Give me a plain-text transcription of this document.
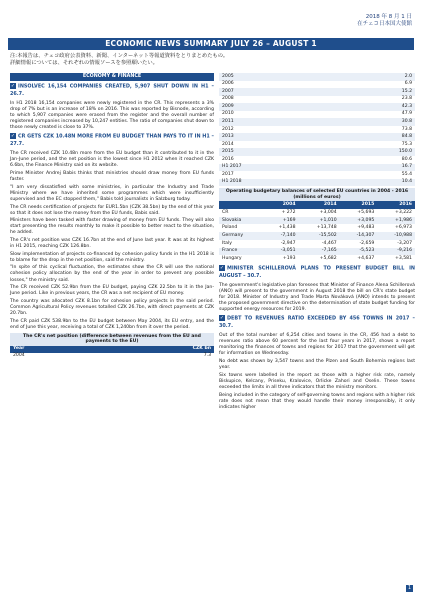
2018 年 8 月 1 日
在チェコ日本国大使館
ECONOMIC NEWS SUMMARY JULY 26 – AUGUST 1
注:本報告は、チェコ政府公表資料、新聞、インターネット等報道資料をとりまとめたもの。詳細情報については、それぞれの情報ソースを参照願いたい。
ECONOMY & FINANCE
✓ INSOLVEC 16,154 COMPANIES CREATED, 5,907 SHUT DOWN IN H1 – 26.7.

In H1 2018 16,154 companies were newly registered in the CR. This represents a 3% drop of 7% but is an increase of 18% on 2016. This was reported by Bisnode, according to which 5,907 companies were erased from the register and the overall number of registered companies increased by 10,247 entities. The ratio of companies shut down to those newly created is close to 37%.

✓ CR GETS CZK 10.48N MORE FROM EU BUDGET THAN PAYS TO IT IN H1 – 27.7.

The CR received CZK 10.48n more from the EU budget than it contributed to it in the Jan-June period, and the net position is the lowest since H1 2012 when it reached CZK 6.6bn, the Finance Ministry said on its website.

Prime Minister Andrej Babis thinks that ministries should draw money from EU funds faster.

"I am very dissatisfied with some ministries, in particular the Industry and Trade Ministry where we have inherited some programmes which were insufficiently supervised and the EC stopped them," Babis told journalists in Salzburg today.

The CR needs certification of projects for EUR1.5bn (CZK 38.5bn) by the end of this year so that it does not lose the money from the EU funds, Babis said.

Ministers have been tasked with faster drawing of money from EU funds. They will also start presenting the results monthly to make it possible to better react to the situation, he added.

The CR's net position was CZK 16.7bn at the end of June last year. It was at its highest in H1 2015, reaching CZK 126.8bn.

Slow implementation of projects co-financed by cohesion policy funds in the H1 2018 is to blame for the drop in the net position, said the ministry.

"In spite of this cyclical fluctuation, the estimates show the CR will use the national cohesion policy allocation by the end of the year in order to prevent any possible losses," the ministry said.

The CR received CZK 52.9bn from the EU budget, paying CZK 22.5bn to it in the Jan-June period. Like in previous years, the CR was a net recipient of EU money.

The country was allocated CZK 8.1bn for cohesion policy projects in the said period. Common Agricultural Policy revenues totalled CZK 26.7bn, with direct payments at CZK 20.7bn.

The CR paid CZK 538.9bn to the EU budget between May 2004, its EU entry, and the end of June this year, receiving a total of CZK 1,240bn from it over the period.

The CR's net position (difference between revenues from the EU and payments to the EU)
Year	CZK bn
2004	7.3
2005	2.0
2006	6.9
2007	15.2
2008	23.8
2009	42.3
2010	47.9
2011	30.8
2012	73.8
2013	84.8
2014	75.3
2015	150.0
2016	80.6
H1 2017	16.7
2017	55.4
H1 2018	10.4
Operating budgetary balances of selected EU countries in 2004 - 2016 (millions of euros)
	2004	2014	2015	2016
CR	+ 272	+3,004	+5,693	+3,222
Slovakia	+169	+1,010	+3,095	+1,986
Poland	+1,438	+13,748	+9,483	+6,973
Germany	-7,140	-15,502	-14,307	-10,988
Italy	-2,947	-4,467	-2,659	-3,207
France	-3,051	-7,165	-5,523	-9,216
Hungary	+193	+5,682	+4,637	+3,581
✓ MINISTER SCHILLEROVÁ PLANS TO PRESENT BUDGET BILL IN AUGUST – 30.7.

The government's legislative plan foresees that Minister of Finance Alena Schillerová (ANO) will present to the government in August 2018 the bill on CR's state budget for 2018. Minister of Industry and Trade Marta Nováková (ANO) intends to present the proposed government directive on the determination of state budget funding for supported energy resources for 2019.

✓ DEBT TO REVENUES RATIO EXCEEDED BY 456 TOWNS IN 2017 – 30.7.

Out of the total number of 6,254 cities and towns in the CR, 456 had a debt to revenues ratio above 60 percent for the last four years in 2017, shows a report monitoring the finances of towns and regions for 2017 that the government will get for information on Wednesday.

No debt was shown by 3,547 towns and the Plzen and South Bohemia regions last year.

Six towns were labelled in the report as those with a higher risk rate, namely Biskupice, Kelcany, Priseku, Kralovice, Orlicke Zahori and Oselin. These towns exceeded the limits in all three indicators that the ministry monitors.

Being included in the category of self-governing towns and regions with a higher risk rate does not mean that they would handle their money irresponsibly, it only indicates higher

1
